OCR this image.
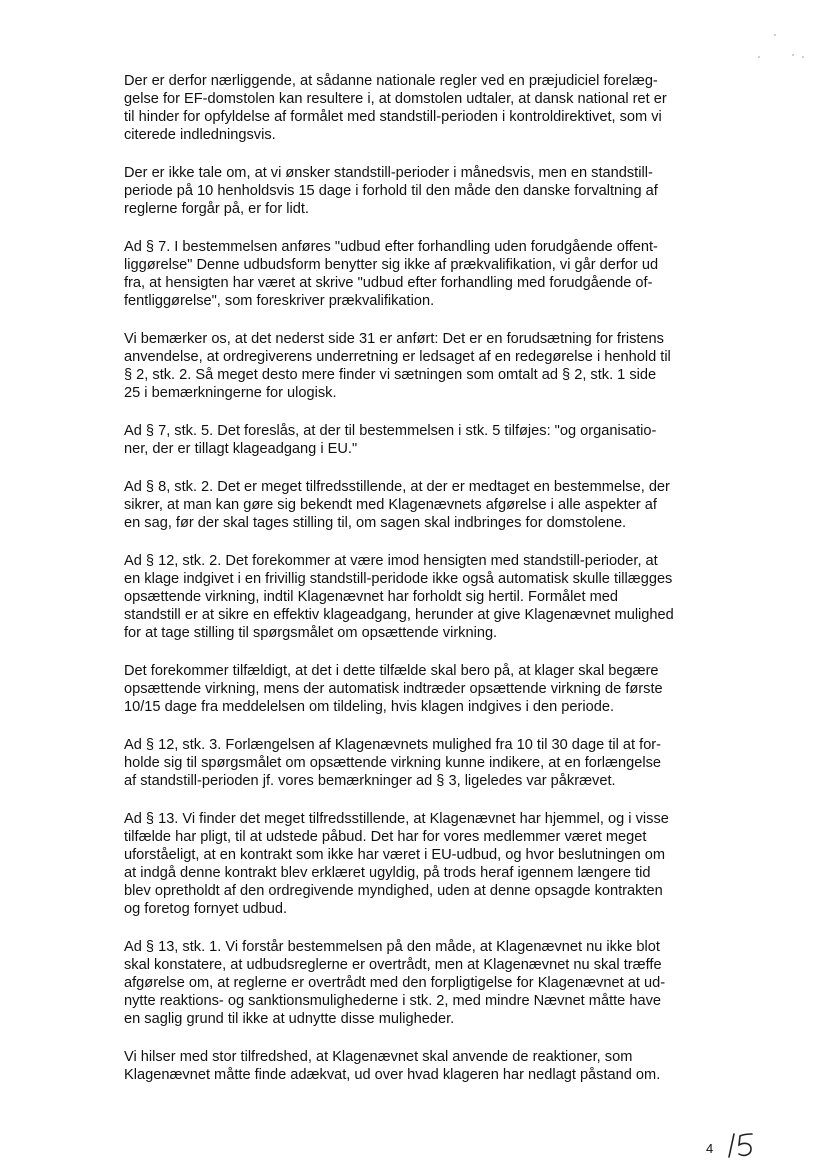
Der er derfor nærliggende, at sådanne nationale regler ved en præjudiciel forelæg-
gelse for EF-domstolen kan resultere i, at domstolen udtaler, at dansk national ret er
til hinder for opfyldelse af formålet med standstill-perioden i kontroldirektivet, som vi
citerede indledningsvis.

Der er ikke tale om, at vi ønsker standstill-perioder i månedsvis, men en standstill-
periode på 10 henholdsvis 15 dage i forhold til den måde den danske forvaltning af
reglerne forgår på, er for lidt.

Ad § 7. I bestemmelsen anføres "udbud efter forhandling uden forudgående offent-
liggørelse" Denne udbudsform benytter sig ikke af prækvalifikation, vi går derfor ud
fra, at hensigten har været at skrive "udbud efter forhandling med forudgående of-
fentliggørelse", som foreskriver prækvalifikation.

Vi bemærker os, at det nederst side 31 er anført: Det er en forudsætning for fristens
anvendelse, at ordregiverens underretning er ledsaget af en redegørelse i henhold til
§ 2, stk. 2. Så meget desto mere finder vi sætningen som omtalt ad § 2, stk. 1 side
25 i bemærkningerne for ulogisk.

Ad § 7, stk. 5. Det foreslås, at der til bestemmelsen i stk. 5 tilføjes: "og organisatio-
ner, der er tillagt klageadgang i EU."

Ad § 8, stk. 2. Det er meget tilfredsstillende, at der er medtaget en bestemmelse, der
sikrer, at man kan gøre sig bekendt med Klagenævnets afgørelse i alle aspekter af
en sag, før der skal tages stilling til, om sagen skal indbringes for domstolene.

Ad § 12, stk. 2. Det forekommer at være imod hensigten med standstill-perioder, at
en klage indgivet i en frivillig standstill-peridode ikke også automatisk skulle tillægges
opsættende virkning, indtil Klagenævnet har forholdt sig hertil. Formålet med
standstill er at sikre en effektiv klageadgang, herunder at give Klagenævnet mulighed
for at tage stilling til spørgsmålet om opsættende virkning.

Det forekommer tilfældigt, at det i dette tilfælde skal bero på, at klager skal begære
opsættende virkning, mens der automatisk indtræder opsættende virkning de første
10/15 dage fra meddelelsen om tildeling, hvis klagen indgives i den periode.

Ad § 12, stk. 3. Forlængelsen af Klagenævnets mulighed fra 10 til 30 dage til at for-
holde sig til spørgsmålet om opsættende virkning kunne indikere, at en forlængelse
af standstill-perioden jf. vores bemærkninger ad § 3, ligeledes var påkrævet.

Ad § 13. Vi finder det meget tilfredsstillende, at Klagenævnet har hjemmel, og i visse
tilfælde har pligt, til at udstede påbud. Det har for vores medlemmer været meget
uforståeligt, at en kontrakt som ikke har været i EU-udbud, og hvor beslutningen om
at indgå denne kontrakt blev erklæret ugyldig, på trods heraf igennem længere tid
blev opretholdt af den ordregivende myndighed, uden at denne opsagde kontrakten
og foretog fornyet udbud.

Ad § 13, stk. 1. Vi forstår bestemmelsen på den måde, at Klagenævnet nu ikke blot
skal konstatere, at udbudsreglerne er overtrådt, men at Klagenævnet nu skal træffe
afgørelse om, at reglerne er overtrådt med den forpligtigelse for Klagenævnet at ud-
nytte reaktions- og sanktionsmulighederne i stk. 2, med mindre Nævnet måtte have
en saglig grund til ikke at udnytte disse muligheder.

Vi hilser med stor tilfredshed, at Klagenævnet skal anvende de reaktioner, som
Klagenævnet måtte finde adækvat, ud over hvad klageren har nedlagt påstand om.

4
